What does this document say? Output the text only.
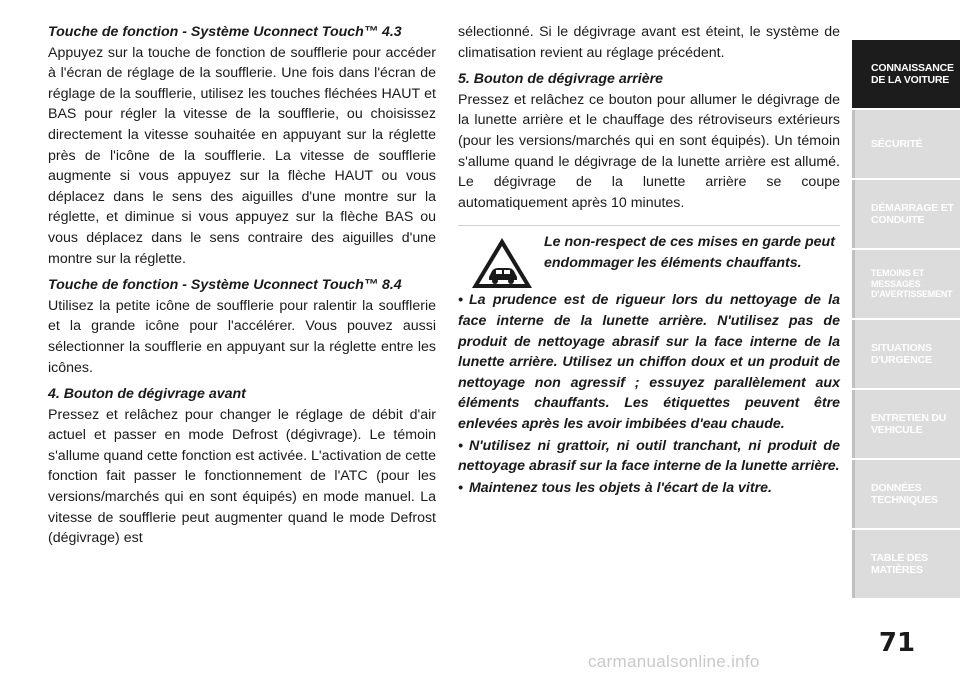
Touche de fonction - Système Uconnect Touch™ 4.3

Appuyez sur la touche de fonction de soufflerie pour accéder à l'écran de réglage de la soufflerie. Une fois dans l'écran de réglage de la soufflerie, utilisez les touches fléchées HAUT et BAS pour régler la vitesse de la soufflerie, ou choisissez directement la vitesse souhaitée en appuyant sur la réglette près de l'icône de la soufflerie. La vitesse de soufflerie augmente si vous appuyez sur la flèche HAUT ou vous déplacez dans le sens des aiguilles d'une montre sur la réglette, et diminue si vous appuyez sur la flèche BAS ou vous déplacez dans le sens contraire des aiguilles d'une montre sur la réglette.

Touche de fonction - Système Uconnect Touch™ 8.4

Utilisez la petite icône de soufflerie pour ralentir la soufflerie et la grande icône pour l'accélérer. Vous pouvez aussi sélectionner la soufflerie en appuyant sur la réglette entre les icônes.

4. Bouton de dégivrage avant

Pressez et relâchez pour changer le réglage de débit d'air actuel et passer en mode Defrost (dégivrage). Le témoin s'allume quand cette fonction est activée. L'activation de cette fonction fait passer le fonctionnement de l'ATC (pour les versions/marchés qui en sont équipés) en mode manuel. La vitesse de soufflerie peut augmenter quand le mode Defrost (dégivrage) est

sélectionné. Si le dégivrage avant est éteint, le système de climatisation revient au réglage précédent.

5. Bouton de dégivrage arrière

Pressez et relâchez ce bouton pour allumer le dégivrage de la lunette arrière et le chauffage des rétroviseurs extérieurs (pour les versions/marchés qui en sont équipés). Un témoin s'allume quand le dégivrage de la lunette arrière est allumé. Le dégivrage de la lunette arrière se coupe automatiquement après 10 minutes.

Le non-respect de ces mises en garde peut endommager les éléments chauffants.

• La prudence est de rigueur lors du nettoyage de la face interne de la lunette arrière. N'utilisez pas de produit de nettoyage abrasif sur la face interne de la lunette arrière. Utilisez un chiffon doux et un produit de nettoyage non agressif ; essuyez parallèlement aux éléments chauffants. Les étiquettes peuvent être enlevées après les avoir imbibées d'eau chaude.

• N'utilisez ni grattoir, ni outil tranchant, ni produit de nettoyage abrasif sur la face interne de la lunette arrière.

• Maintenez tous les objets à l'écart de la vitre.

CONNAISSANCE DE LA VOITURE
SÉCURITÉ
DÉMARRAGE ET CONDUITE
TEMOINS ET MESSAGES D'AVERTISSEMENT
SITUATIONS D'URGENCE
ENTRETIEN DU VEHICULE
DONNÉES TECHNIQUES
TABLE DES MATIÈRES
71
carmanualsonline.info
